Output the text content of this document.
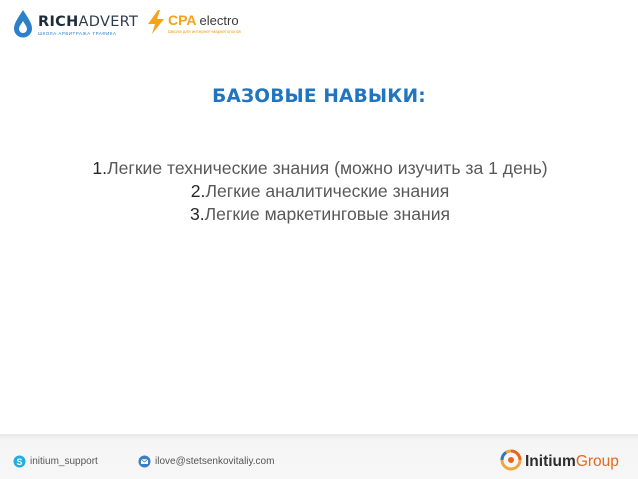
RICHADVERT
ШКОЛА АРБИТРАЖА ТРАФИКА
CPA electro
Школа для интернет-маркетологов
БАЗОВЫЕ НАВЫКИ:

1.Легкие технические знания (можно изучить за 1 день)

2.Легкие аналитические знания

3.Легкие маркетинговые знания

S initium_support	ilove@stetsenkovitaliy.com	InitiumGroup
